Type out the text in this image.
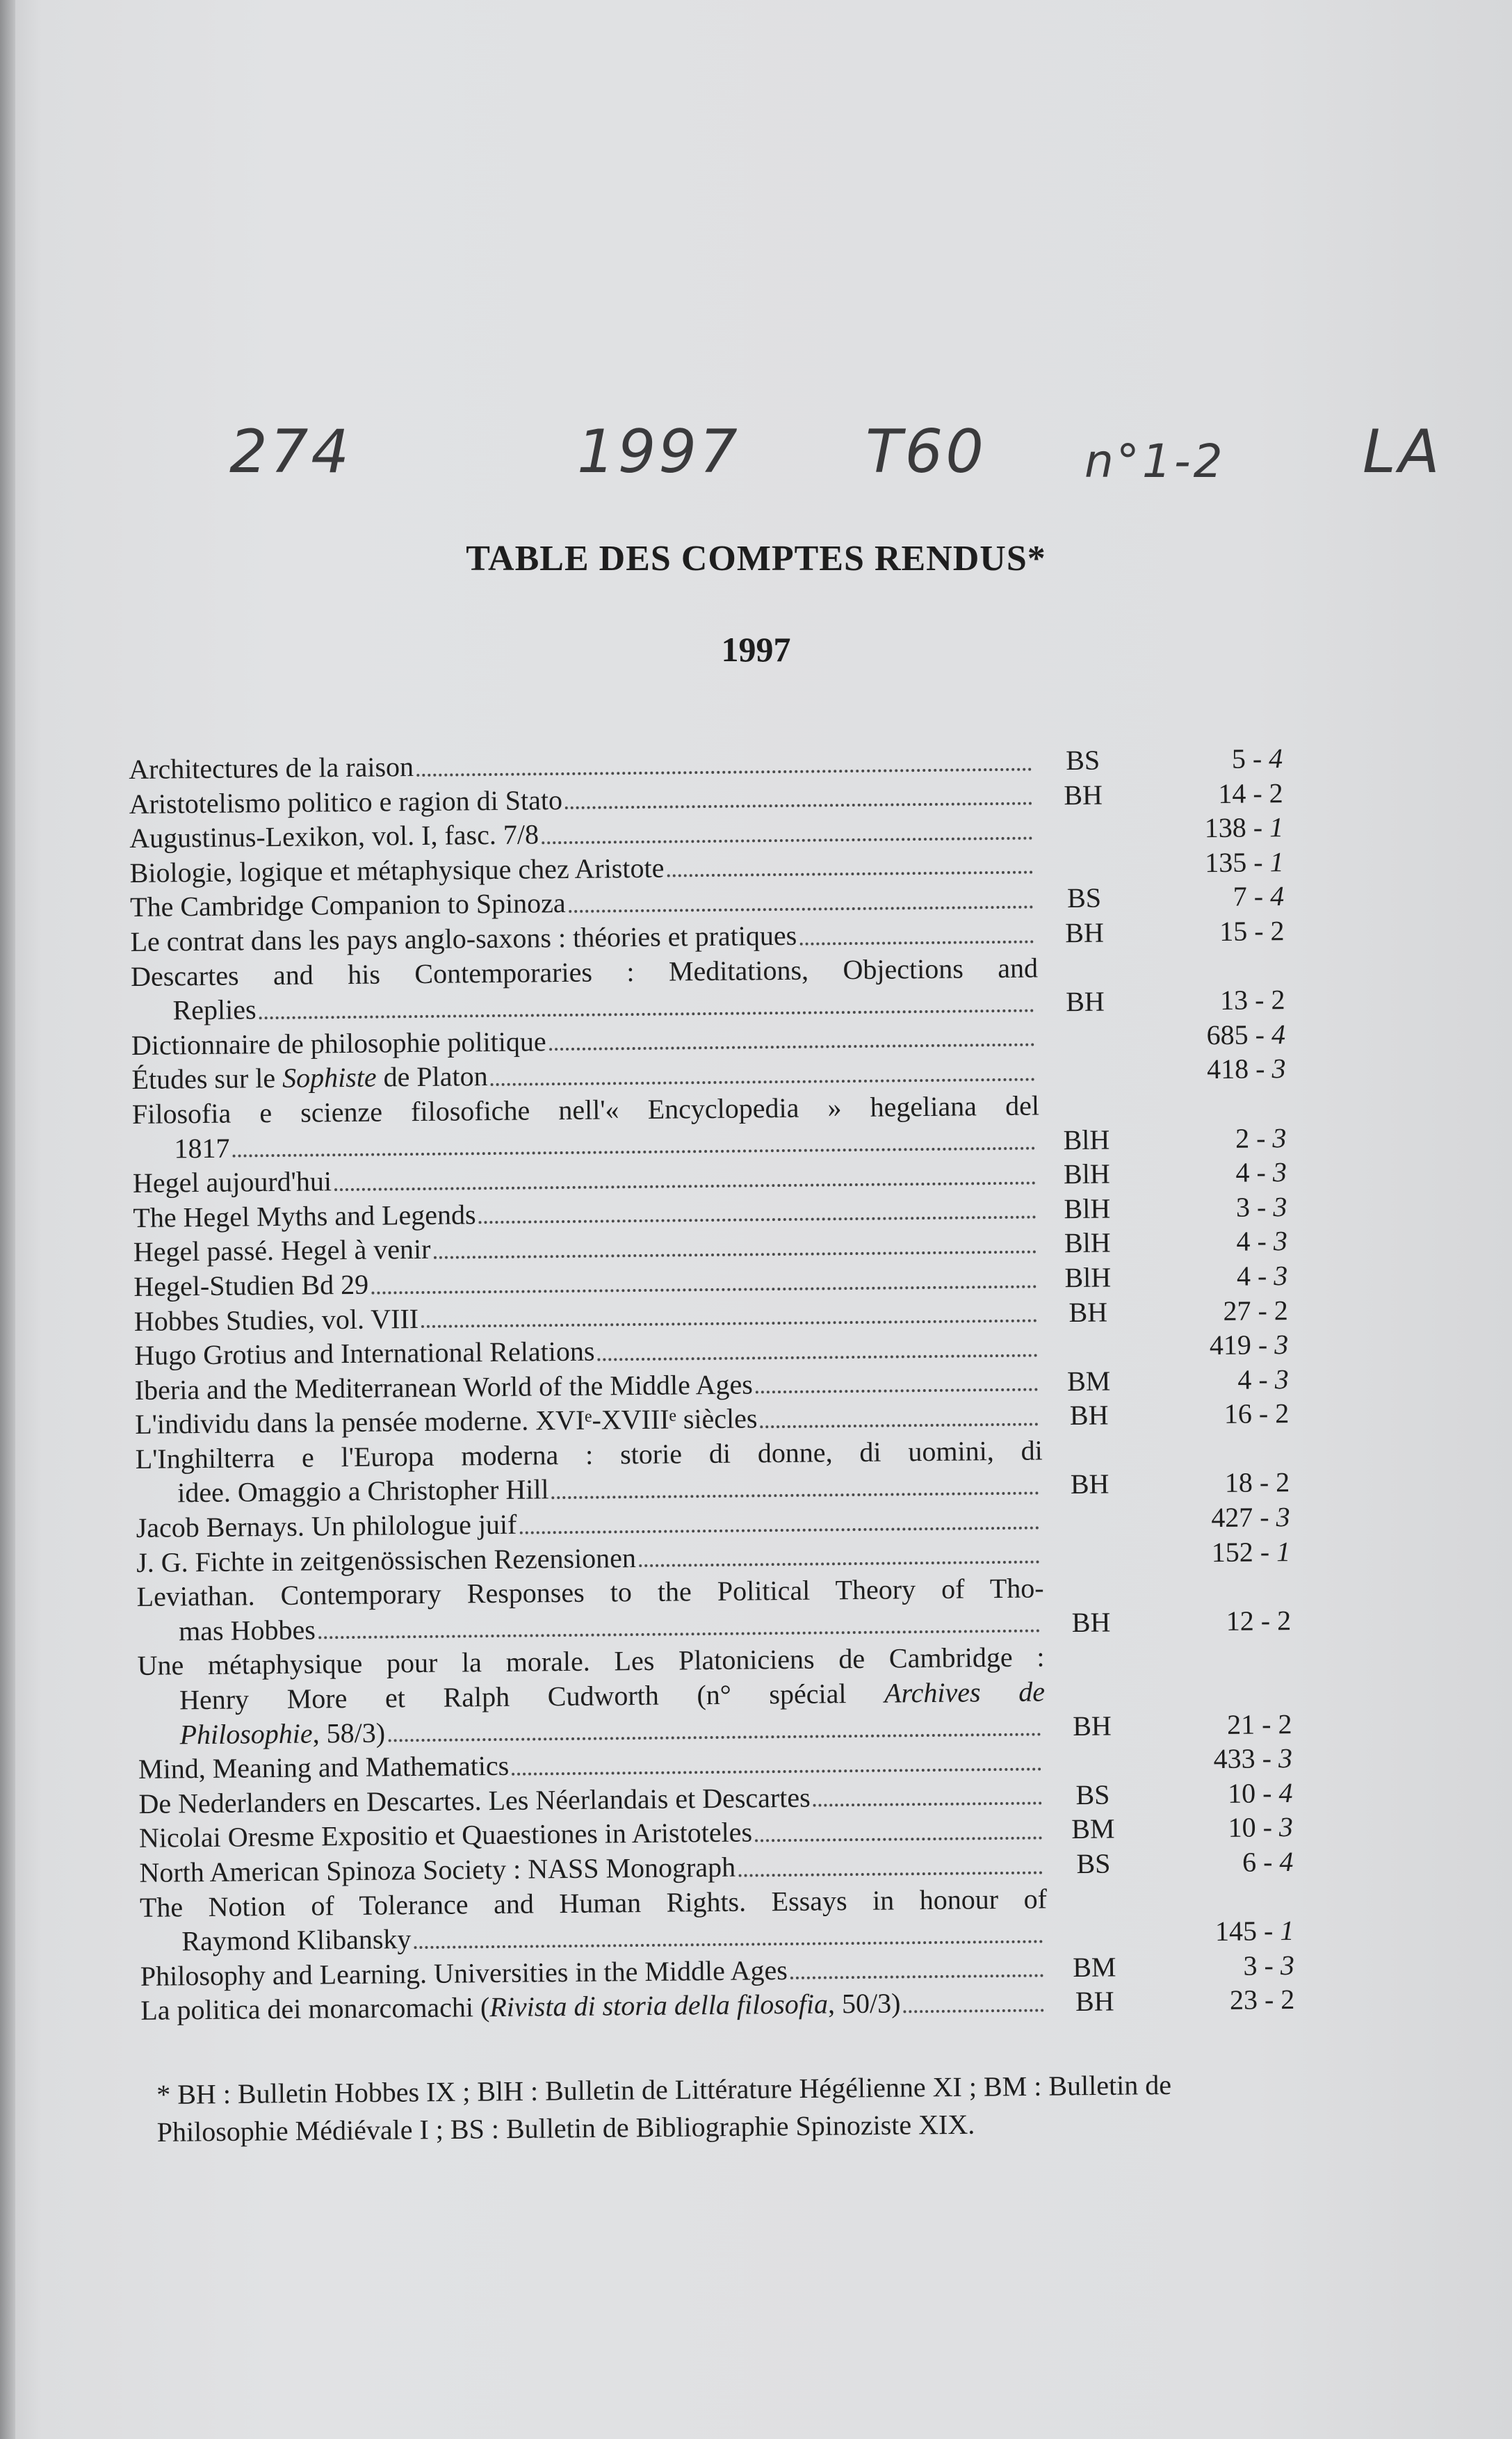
274	1997 T60 n°1-2 LA
TABLE DES COMPTES RENDUS*
1997
Architectures de la raison	BS	5 - 4
Aristotelismo politico e ragion di Stato	BH	14 - 2
Augustinus-Lexikon, vol. I, fasc. 7/8	138 - 1
Biologie, logique et métaphysique chez Aristote	135 - 1
The Cambridge Companion to Spinoza	BS	7 - 4
Le contrat dans les pays anglo-saxons : théories et pratiques	BH	15 - 2
Descartes and his Contemporaries : Meditations, Objections and
Replies	BH	13 - 2
Dictionnaire de philosophie politique	685 - 4
Études sur le Sophiste de Platon	418 - 3
Filosofia e scienze filosofiche nell'« Encyclopedia » hegeliana del
1817	BlH	2 - 3
Hegel aujourd'hui	BlH	4 - 3
The Hegel Myths and Legends	BlH	3 - 3
Hegel passé. Hegel à venir	BlH	4 - 3
Hegel-Studien Bd 29	BlH	4 - 3
Hobbes Studies, vol. VIII	BH	27 - 2
Hugo Grotius and International Relations	419 - 3
Iberia and the Mediterranean World of the Middle Ages	BM	4 - 3
L'individu dans la pensée moderne. XVIᵉ-XVIIIᵉ siècles	BH	16 - 2
L'Inghilterra e l'Europa moderna : storie di donne, di uomini, di
idee. Omaggio a Christopher Hill	BH	18 - 2
Jacob Bernays. Un philologue juif	427 - 3
J. G. Fichte in zeitgenössischen Rezensionen	152 - 1
Leviathan. Contemporary Responses to the Political Theory of Tho-
mas Hobbes	BH	12 - 2
Une métaphysique pour la morale. Les Platoniciens de Cambridge :
Henry More et Ralph Cudworth (n° spécial Archives de
Philosophie, 58/3)	BH	21 - 2
Mind, Meaning and Mathematics	433 - 3
De Nederlanders en Descartes. Les Néerlandais et Descartes	BS	10 - 4
Nicolai Oresme Expositio et Quaestiones in Aristoteles	BM	10 - 3
North American Spinoza Society : NASS Monograph	BS	6 - 4
The Notion of Tolerance and Human Rights. Essays in honour of
Raymond Klibansky	145 - 1
Philosophy and Learning. Universities in the Middle Ages	BM	3 - 3
La politica dei monarcomachi (Rivista di storia della filosofia, 50/3)	BH	23 - 2
* BH : Bulletin Hobbes IX ; BlH : Bulletin de Littérature Hégélienne XI ; BM : Bulletin de Philosophie Médiévale I ; BS : Bulletin de Bibliographie Spinoziste XIX.
